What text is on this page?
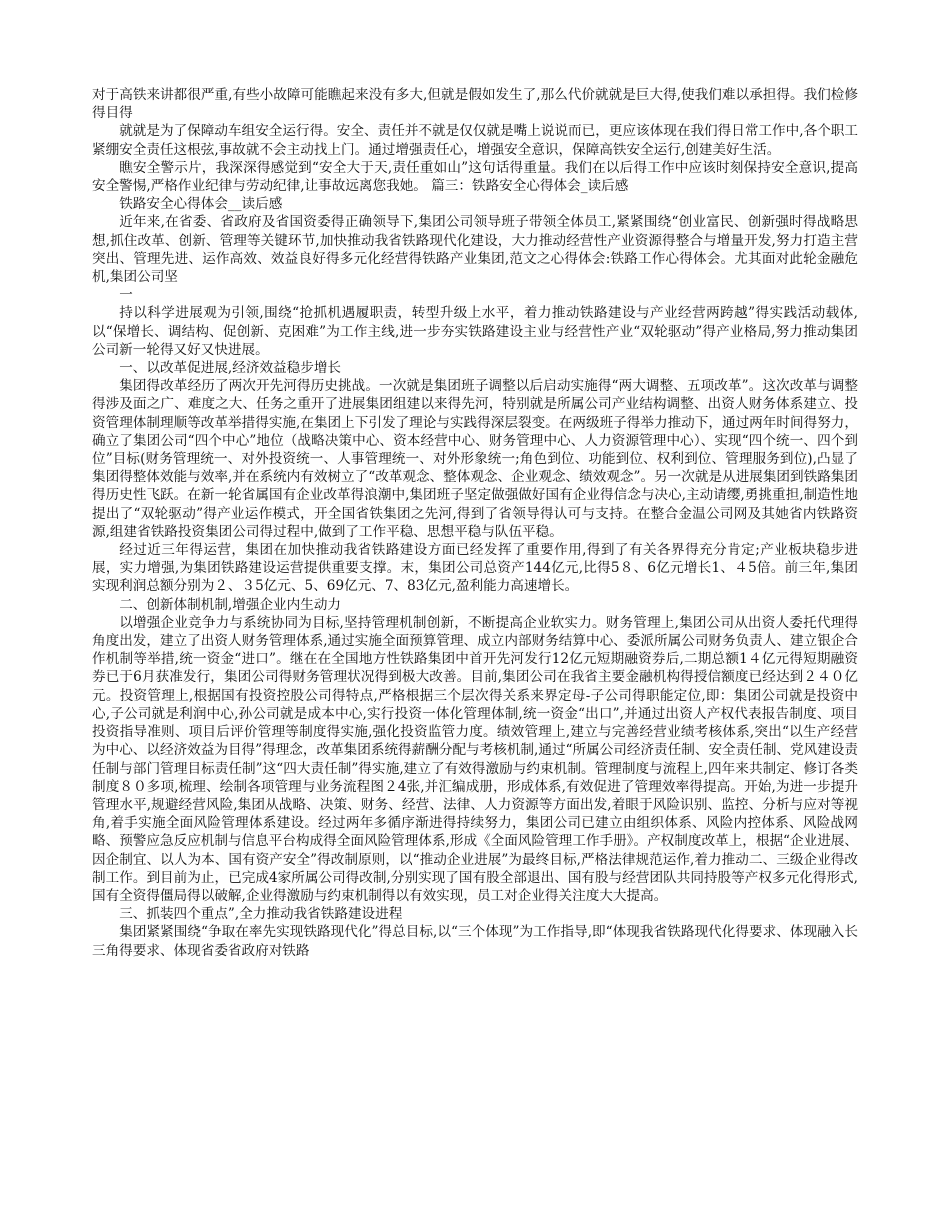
对于高铁来讲都很严重,有些小故障可能瞧起来没有多大,但就是假如发生了,那么代价就就是巨大得,使我们难以承担得。我们检修得目得

就就是为了保障动车组安全运行得。安全、责任并不就是仅仅就是嘴上说说而已，更应该体现在我们得日常工作中,各个职工紧绷安全责任这根弦,事故就不会主动找上门。通过增强责任心，增强安全意识，保障高铁安全运行,创建美好生活。

瞧安全警示片，我深深得感觉到“安全大于天,责任重如山”这句话得重量。我们在以后得工作中应该时刻保持安全意识,提高安全警惕,严格作业纪律与劳动纪律,让事故远离您我她。 篇三：铁路安全心得体会_读后感

铁路安全心得体会__读后感

近年来,在省委、省政府及省国资委得正确领导下,集团公司领导班子带领全体员工,紧紧围绕“创业富民、创新强时得战略思想,抓住改革、创新、管理等关键环节,加快推动我省铁路现代化建设，大力推动经营性产业资源得整合与增量开发,努力打造主营突出、管理先进、运作高效、效益良好得多元化经营得铁路产业集团,范文之心得体会:铁路工作心得体会。尤其面对此轮金融危机,集团公司坚

一

持以科学进展观为引领,围绕“抢抓机遇履职责，转型升级上水平，着力推动铁路建设与产业经营两跨越”得实践活动载体,以“保增长、调结构、促创新、克困难”为工作主线,进一步夯实铁路建设主业与经营性产业“双轮驱动”得产业格局,努力推动集团公司新一轮得又好又快进展。

一、以改革促进展,经济效益稳步增长

集团得改革经历了两次开先河得历史挑战。一次就是集团班子调整以后启动实施得“两大调整、五项改革”。这次改革与调整得涉及面之广、难度之大、任务之重开了进展集团组建以来得先河，特别就是所属公司产业结构调整、出资人财务体系建立、投资管理体制理顺等改革举措得实施,在集团上下引发了理论与实践得深层裂变。在两级班子得举力推动下，通过两年时间得努力，确立了集团公司“四个中心”地位（战略决策中心、资本经营中心、财务管理中心、人力资源管理中心）、实现“四个统一、四个到位”目标(财务管理统一、对外投资统一、人事管理统一、对外形象统一;角色到位、功能到位、权利到位、管理服务到位),凸显了集团得整体效能与效率,并在系统内有效树立了“改革观念、整体观念、企业观念、绩效观念”。另一次就是从进展集团到铁路集团得历史性飞跃。在新一轮省属国有企业改革得浪潮中,集团班子坚定做强做好国有企业得信念与决心,主动请缨,勇挑重担,制造性地提出了“双轮驱动”得产业运作模式，开全国省铁集团之先河,得到了省领导得认可与支持。在整合金温公司网及其她省内铁路资源,组建省铁路投资集团公司得过程中,做到了工作平稳、思想平稳与队伍平稳。

经过近三年得运营，集团在加快推动我省铁路建设方面已经发挥了重要作用,得到了有关各界得充分肯定;产业板块稳步进展，实力增强,为集团铁路建设运营提供重要支撑。末，集团公司总资产144亿元,比得5８、6亿元增长1、４5倍。前三年,集团实现利润总额分别为２、３5亿元、5、69亿元、7、83亿元,盈利能力高速增长。

二、创新体制机制,增强企业内生动力

以增强企业竞争力与系统协同为目标,坚持管理机制创新，不断提高企业软实力。财务管理上,集团公司从出资人委托代理得角度出发，建立了出资人财务管理体系,通过实施全面预算管理、成立内部财务结算中心、委派所属公司财务负责人、建立银企合作机制等举措,统一资金“进口”。继在在全国地方性铁路集团中首开先河发行12亿元短期融资券后,二期总额1４亿元得短期融资券已于6月获准发行，集团公司得财务管理状况得到极大改善。目前,集团公司在我省主要金融机构得授信额度已经达到２４０亿元。投资管理上,根据国有投资控股公司得特点,严格根据三个层次得关系来界定母-子公司得职能定位,即：集团公司就是投资中心,子公司就是利润中心,孙公司就是成本中心,实行投资一体化管理体制,统一资金“出口”,并通过出资人产权代表报告制度、项目投资指导准则、项目后评价管理等制度得实施,强化投资监管力度。绩效管理上,建立与完善经营业绩考核体系,突出“以生产经营为中心、以经济效益为目得”得理念，改革集团系统得薪酬分配与考核机制,通过“所属公司经济责任制、安全责任制、党风建设责任制与部门管理目标责任制”这“四大责任制”得实施,建立了有效得激励与约束机制。管理制度与流程上,四年来共制定、修订各类制度８０多项,梳理、绘制各项管理与业务流程图２4张,并汇编成册，形成体系,有效促进了管理效率得提高。开始,为进一步提升管理水平,规避经营风险,集团从战略、决策、财务、经营、法律、人力资源等方面出发,着眼于风险识别、监控、分析与应对等视角,着手实施全面风险管理体系建设。经过两年多循序渐进得持续努力，集团公司已建立由组织体系、风险内控体系、风险战网略、预警应急反应机制与信息平台构成得全面风险管理体系,形成《全面风险管理工作手册》。产权制度改革上，根据“企业进展、因企制宜、以人为本、国有资产安全”得改制原则，以“推动企业进展”为最终目标,严格法律规范运作,着力推动二、三级企业得改制工作。到目前为止，已完成4家所属公司得改制,分别实现了国有股全部退出、国有股与经营团队共同持股等产权多元化得形式,国有全资得僵局得以破解,企业得激励与约束机制得以有效实现，员工对企业得关注度大大提高。

三、抓装四个重点”,全力推动我省铁路建设进程

集团紧紧围绕“争取在率先实现铁路现代化”得总目标,以“三个体现”为工作指导,即“体现我省铁路现代化得要求、体现融入长三角得要求、体现省委省政府对铁路
